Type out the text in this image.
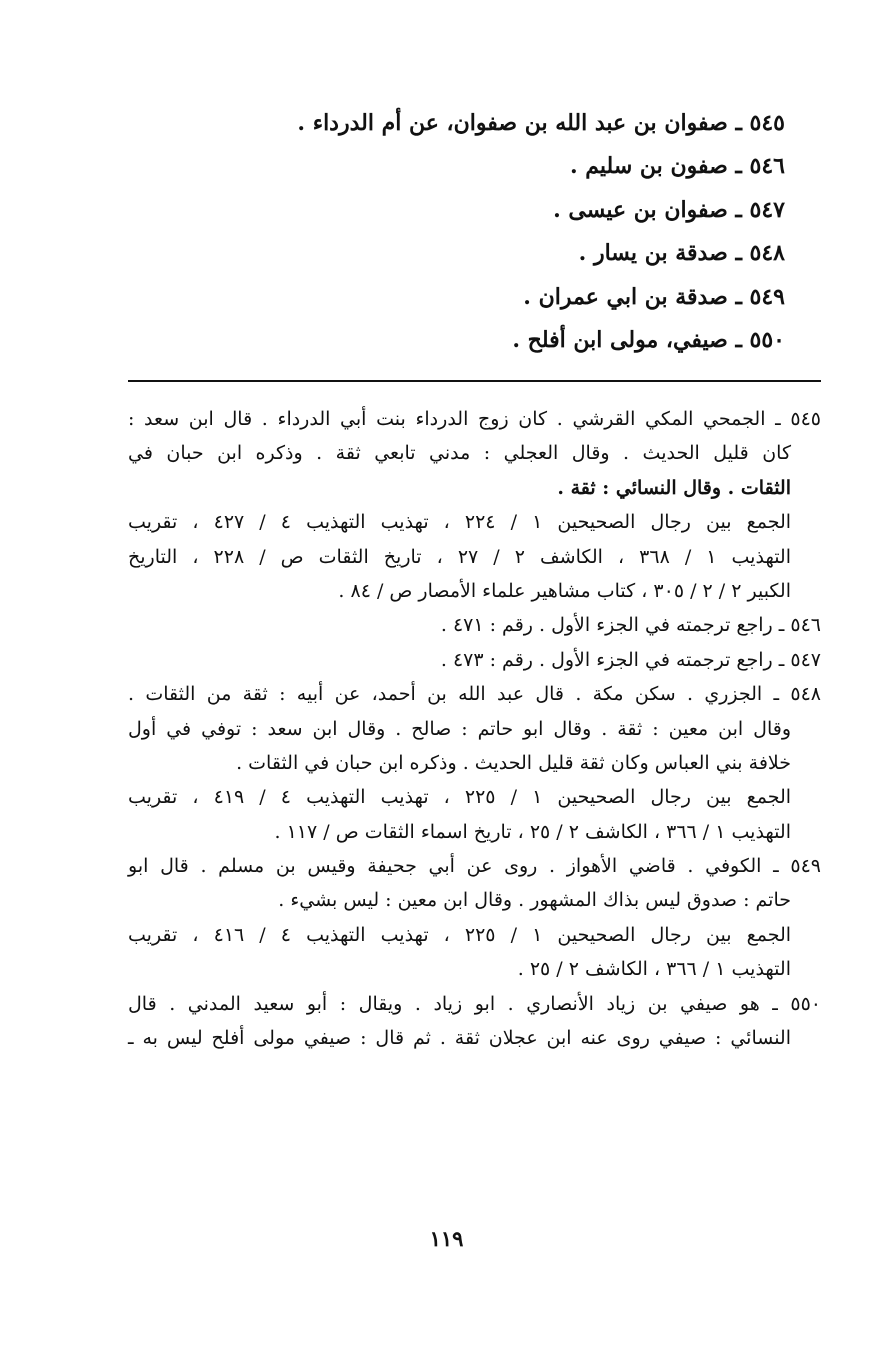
٥٤٥ ـ صفوان بن عبد الله بن صفوان، عن أم الدرداء .
٥٤٦ ـ صفون بن سليم .
٥٤٧ ـ صفوان بن عيسى .
٥٤٨ ـ صدقة بن يسار .
٥٤٩ ـ صدقة بن ابي عمران .
٥٥٠ ـ صيفي، مولى ابن أفلح .
٥٤٥ ـ الجمحي المكي القرشي . كان زوج الدرداء بنت أبي الدرداء . قال ابن سعد :
كان قليل الحديث . وقال العجلي : مدني تابعي ثقة . وذكره ابن حبان في
الثقات . وقال النسائي : ثقة .
الجمع بين رجال الصحيحين ١ / ٢٢٤ ، تهذيب التهذيب ٤ / ٤٢٧ ، تقريب
التهذيب ١ / ٣٦٨ ، الكاشف ٢ / ٢٧ ، تاريخ الثقات ص / ٢٢٨ ، التاريخ
الكبير ٢ / ٢ / ٣٠٥ ، كتاب مشاهير علماء الأمصار ص / ٨٤ .
٥٤٦ ـ راجع ترجمته في الجزء الأول . رقم : ٤٧١ .
٥٤٧ ـ راجع ترجمته في الجزء الأول . رقم : ٤٧٣ .
٥٤٨ ـ الجزري . سكن مكة . قال عبد الله بن أحمد، عن أبيه : ثقة من الثقات .
وقال ابن معين : ثقة . وقال ابو حاتم : صالح . وقال ابن سعد : توفي في أول
خلافة بني العباس وكان ثقة قليل الحديث . وذكره ابن حبان في الثقات .
الجمع بين رجال الصحيحين ١ / ٢٢٥ ، تهذيب التهذيب ٤ / ٤١٩ ، تقريب
التهذيب ١ / ٣٦٦ ، الكاشف ٢ / ٢٥ ، تاريخ اسماء الثقات ص / ١١٧ .
٥٤٩ ـ الكوفي . قاضي الأهواز . روى عن أبي جحيفة وقيس بن مسلم . قال ابو
حاتم : صدوق ليس بذاك المشهور . وقال ابن معين : ليس بشيء .
الجمع بين رجال الصحيحين ١ / ٢٢٥ ، تهذيب التهذيب ٤ / ٤١٦ ، تقريب
التهذيب ١ / ٣٦٦ ، الكاشف ٢ / ٢٥ .
٥٥٠ ـ هو صيفي بن زياد الأنصاري . ابو زياد . ويقال : أبو سعيد المدني . قال
النسائي : صيفي روى عنه ابن عجلان ثقة . ثم قال : صيفي مولى أفلح ليس به ـ
١١٩
